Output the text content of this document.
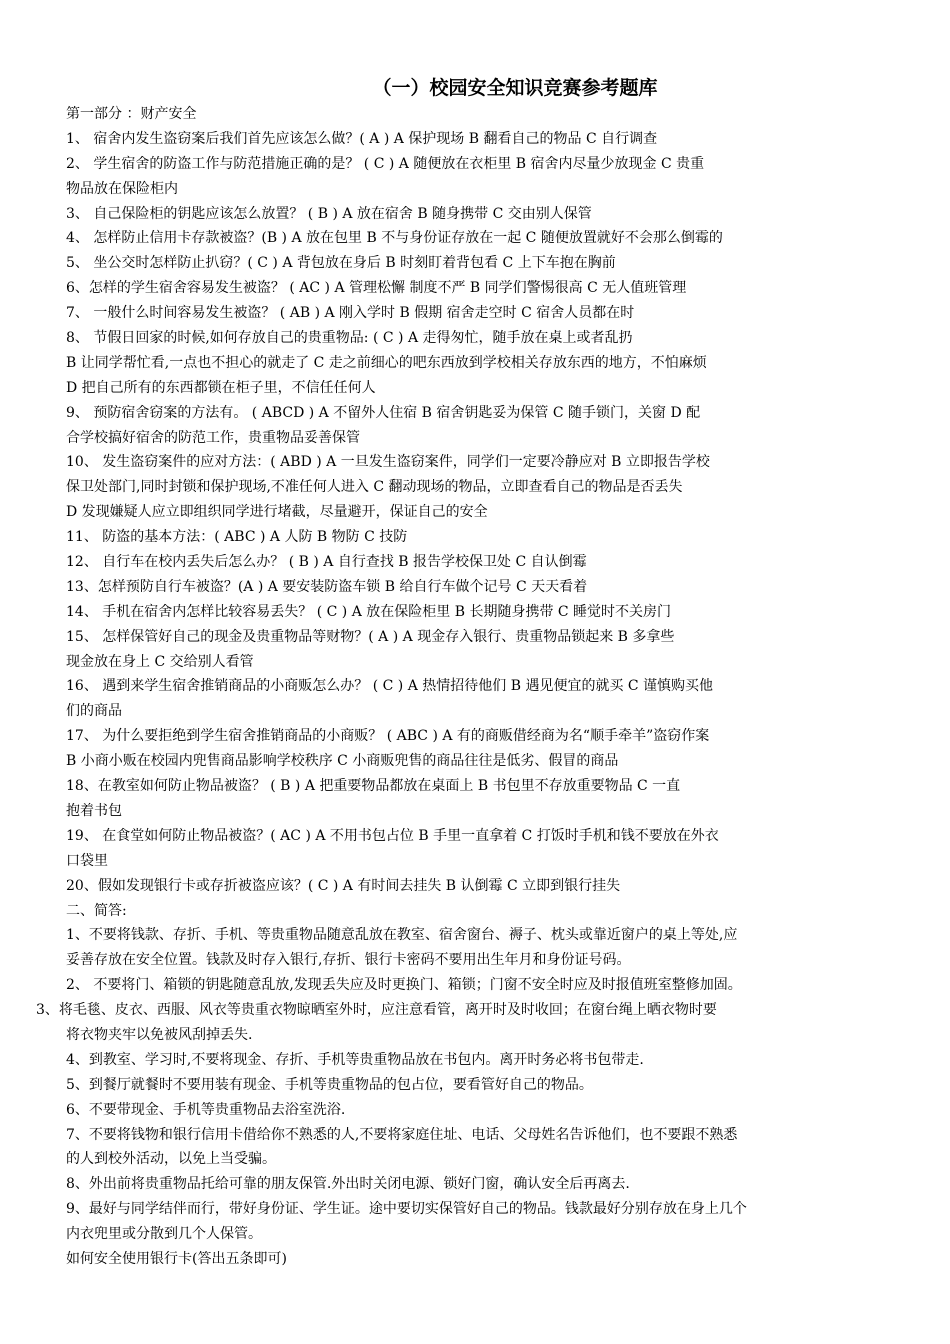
（一）校园安全知识竞赛参考题库
第一部分 ：财产安全
1、 宿舍内发生盗窃案后我们首先应该怎么做？( A ) A 保护现场 B 翻看自己的物品 C 自行调查
2、 学生宿舍的防盗工作与防范措施正确的是？ ( C ) A 随便放在衣柜里 B 宿舍内尽量少放现金 C 贵重
物品放在保险柜内
3、 自己保险柜的钥匙应该怎么放置？ ( B ) A 放在宿舍 B 随身携带 C 交由别人保管
4、 怎样防止信用卡存款被盗？(B ) A 放在包里 B 不与身份证存放在一起 C 随便放置就好不会那么倒霉的
5、 坐公交时怎样防止扒窃？( C ) A 背包放在身后 B 时刻盯着背包看 C 上下车抱在胸前
6、怎样的学生宿舍容易发生被盗？ ( AC ) A 管理松懈 制度不严 B 同学们警惕很高 C 无人值班管理
7、 一般什么时间容易发生被盗？ ( AB ) A 刚入学时 B 假期 宿舍走空时 C 宿舍人员都在时
8、 节假日回家的时候,如何存放自己的贵重物品: ( C ) A 走得匆忙，随手放在桌上或者乱扔
B 让同学帮忙看,一点也不担心的就走了 C 走之前细心的吧东西放到学校相关存放东西的地方，不怕麻烦
D 把自己所有的东西都锁在柜子里，不信任任何人
9、 预防宿舍窃案的方法有。 ( ABCD ) A 不留外人住宿 B 宿舍钥匙妥为保管 C 随手锁门，关窗 D 配
合学校搞好宿舍的防范工作，贵重物品妥善保管
10、 发生盗窃案件的应对方法：( ABD ) A 一旦发生盗窃案件，同学们一定要冷静应对 B 立即报告学校
保卫处部门,同时封锁和保护现场,不准任何人进入 C 翻动现场的物品，立即查看自己的物品是否丢失
D 发现嫌疑人应立即组织同学进行堵截，尽量避开，保证自己的安全
11、 防盗的基本方法：( ABC ) A 人防 B 物防 C 技防
12、 自行车在校内丢失后怎么办？ ( B ) A 自行查找 B 报告学校保卫处 C 自认倒霉
13、怎样预防自行车被盗？(A ) A 要安装防盗车锁 B 给自行车做个记号 C 天天看着
14、 手机在宿舍内怎样比较容易丢失？ ( C ) A 放在保险柜里 B 长期随身携带 C 睡觉时不关房门
15、 怎样保管好自己的现金及贵重物品等财物？( A ) A 现金存入银行、贵重物品锁起来 B 多拿些
现金放在身上 C 交给别人看管
16、 遇到来学生宿舍推销商品的小商贩怎么办？ ( C ) A 热情招待他们 B 遇见便宜的就买 C 谨慎购买他
们的商品
17、 为什么要拒绝到学生宿舍推销商品的小商贩？ ( ABC ) A 有的商贩借经商为名“顺手牵羊”盗窃作案
B 小商小贩在校园内兜售商品影响学校秩序 C 小商贩兜售的商品往往是低劣、假冒的商品
18、在教室如何防止物品被盗？ ( B ) A 把重要物品都放在桌面上 B 书包里不存放重要物品 C 一直
抱着书包
19、 在食堂如何防止物品被盗？( AC ) A 不用书包占位 B 手里一直拿着 C 打饭时手机和钱不要放在外衣
口袋里
20、假如发现银行卡或存折被盗应该？( C ) A 有时间去挂失 B 认倒霉 C 立即到银行挂失
二、简答:
1、不要将钱款、存折、手机、等贵重物品随意乱放在教室、宿舍窗台、褥子、枕头或靠近窗户的桌上等处,应
妥善存放在安全位置。钱款及时存入银行,存折、银行卡密码不要用出生年月和身份证号码。
2、 不要将门、箱锁的钥匙随意乱放,发现丢失应及时更换门、箱锁；门窗不安全时应及时报值班室整修加固。
3、将毛毯、皮衣、西服、风衣等贵重衣物晾晒室外时，应注意看管，离开时及时收回；在窗台绳上晒衣物时要
将衣物夹牢以免被风刮掉丢失.
4、到教室、学习时,不要将现金、存折、手机等贵重物品放在书包内。离开时务必将书包带走.
5、到餐厅就餐时不要用装有现金、手机等贵重物品的包占位，要看管好自己的物品。
6、不要带现金、手机等贵重物品去浴室洗浴.
7、不要将钱物和银行信用卡借给你不熟悉的人,不要将家庭住址、电话、父母姓名告诉他们，也不要跟不熟悉
的人到校外活动，以免上当受骗。
8、外出前将贵重物品托给可靠的朋友保管.外出时关闭电源、锁好门窗，确认安全后再离去.
9、最好与同学结伴而行，带好身份证、学生证。途中要切实保管好自己的物品。钱款最好分别存放在身上几个
内衣兜里或分散到几个人保管。
如何安全使用银行卡(答出五条即可)
